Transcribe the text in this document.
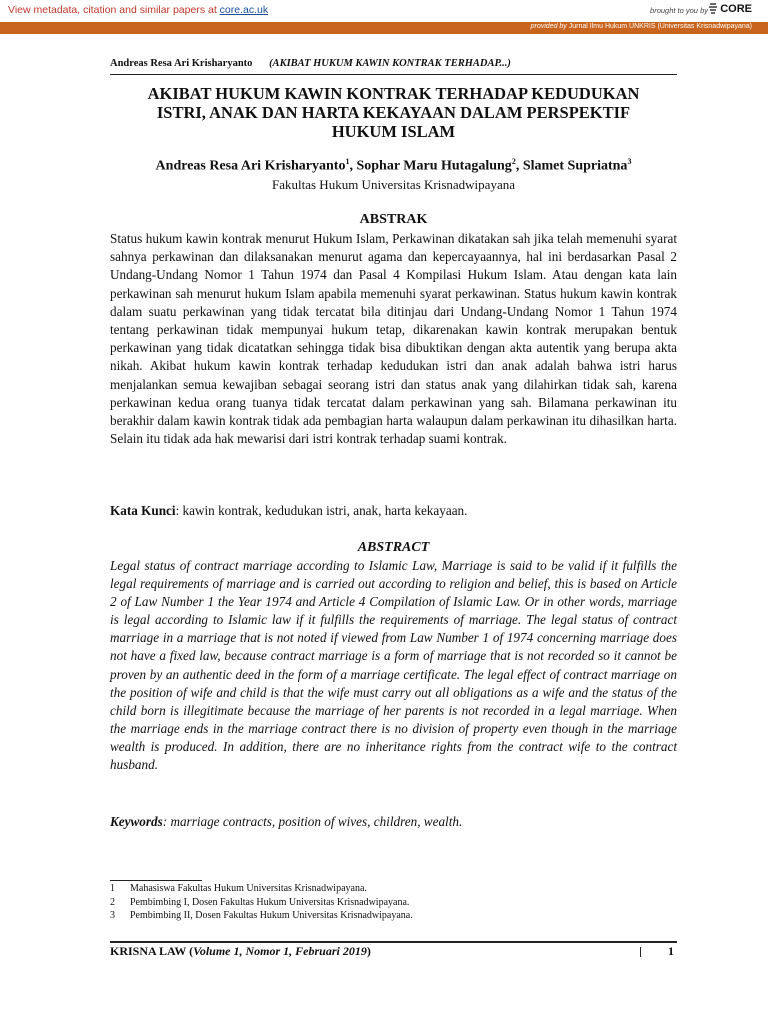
View metadata, citation and similar papers at core.ac.uk	brought to you by CORE
provided by Jurnal Ilmu Hukum UNKRIS (Universitas Krisnadwipayana)
Andreas Resa Ari Krisharyanto (AKIBAT HUKUM KAWIN KONTRAK TERHADAP...)
AKIBAT HUKUM KAWIN KONTRAK TERHADAP KEDUDUKAN
ISTRI, ANAK DAN HARTA KEKAYAAN DALAM PERSPEKTIF
HUKUM ISLAM
Andreas Resa Ari Krisharyanto$^1$, Sophar Maru Hutagalung$^2$, Slamet Supriatna$^3$
Fakultas Hukum Universitas Krisnadwipayana
ABSTRAK
Status hukum kawin kontrak menurut Hukum Islam, Perkawinan dikatakan sah jika telah memenuhi syarat sahnya perkawinan dan dilaksanakan menurut agama dan kepercayaannya, hal ini berdasarkan Pasal 2 Undang-Undang Nomor 1 Tahun 1974 dan Pasal 4 Kompilasi Hukum Islam. Atau dengan kata lain perkawinan sah menurut hukum Islam apabila memenuhi syarat perkawinan. Status hukum kawin kontrak dalam suatu perkawinan yang tidak tercatat bila ditinjau dari Undang-Undang Nomor 1 Tahun 1974 tentang perkawinan tidak mempunyai hukum tetap, dikarenakan kawin kontrak merupakan bentuk perkawinan yang tidak dicatatkan sehingga tidak bisa dibuktikan dengan akta autentik yang berupa akta nikah. Akibat hukum kawin kontrak terhadap kedudukan istri dan anak adalah bahwa istri harus menjalankan semua kewajiban sebagai seorang istri dan status anak yang dilahirkan tidak sah, karena perkawinan kedua orang tuanya tidak tercatat dalam perkawinan yang sah. Bilamana perkawinan itu berakhir dalam kawin kontrak tidak ada pembagian harta walaupun dalam perkawinan itu dihasilkan harta. Selain itu tidak ada hak mewarisi dari istri kontrak terhadap suami kontrak.
Kata Kunci: kawin kontrak, kedudukan istri, anak, harta kekayaan.
ABSTRACT
Legal status of contract marriage according to Islamic Law, Marriage is said to be valid if it fulfills the legal requirements of marriage and is carried out according to religion and belief, this is based on Article 2 of Law Number 1 the Year 1974 and Article 4 Compilation of Islamic Law. Or in other words, marriage is legal according to Islamic law if it fulfills the requirements of marriage. The legal status of contract marriage in a marriage that is not noted if viewed from Law Number 1 of 1974 concerning marriage does not have a fixed law, because contract marriage is a form of marriage that is not recorded so it cannot be proven by an authentic deed in the form of a marriage certificate. The legal effect of contract marriage on the position of wife and child is that the wife must carry out all obligations as a wife and the status of the child born is illegitimate because the marriage of her parents is not recorded in a legal marriage. When the marriage ends in the marriage contract there is no division of property even though in the marriage wealth is produced. In addition, there are no inheritance rights from the contract wife to the contract husband.
Keywords: marriage contracts, position of wives, children, wealth.
1	Mahasiswa Fakultas Hukum Universitas Krisnadwipayana.
2	Pembimbing I, Dosen Fakultas Hukum Universitas Krisnadwipayana.
3	Pembimbing II, Dosen Fakultas Hukum Universitas Krisnadwipayana.
KRISNA LAW (Volume 1, Nomor 1, Februari 2019)	1
